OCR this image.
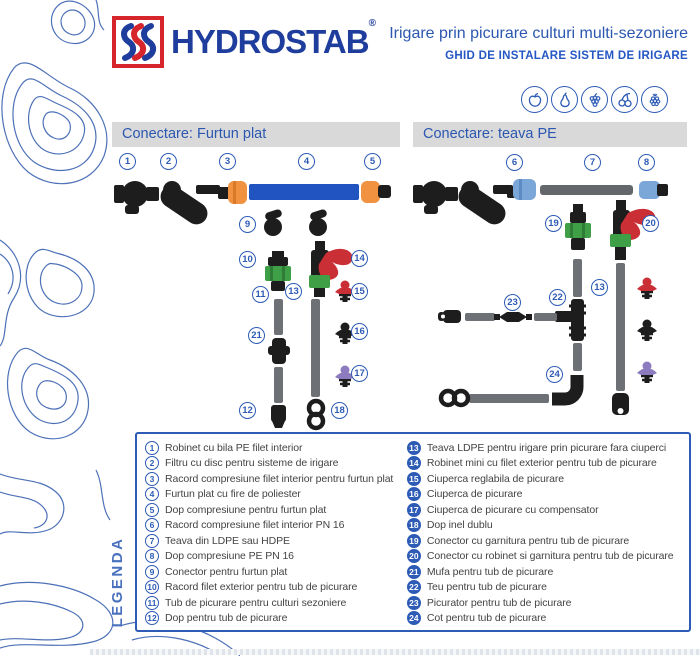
HYDROSTAB®
Irigare prin picurare culturi multi-sezoniere
GHID DE INSTALARE SISTEM DE IRIGARE
Conectare: Furtun plat
1	2	3	4	5
9
10
11	13
14
15
21	16
17
12	18
Conectare: teava PE
6	7	8
19	20
13
22
23
24
LEGENDA
1	Robinet cu bila PE filet interior
2	Filtru cu disc pentru sisteme de irigare
3	Racord compresiune filet interior pentru furtun plat
4	Furtun plat cu fire de poliester
5	Dop compresiune pentru furtun plat
6	Racord compresiune filet interior PN 16
7	Teava din LDPE sau HDPE
8	Dop compresiune PE PN 16
9	Conector pentru furtun plat
10 Racord filet exterior pentru tub de picurare
11 Tub de picurare pentru culturi sezoniere
12 Dop pentru tub de picurare
13 Teava LDPE pentru irigare prin picurare fara ciuperci
14 Robinet mini cu filet exterior pentru tub de picurare
15 Ciuperca reglabila de picurare
16 Ciuperca de picurare
17 Ciuperca de picurare cu compensator
18 Dop inel dublu
19 Conector cu garnitura pentru tub de picurare
20 Conector cu robinet si garnitura pentru tub de picurare
21 Mufa pentru tub de picurare
22 Teu pentru tub de picurare
23 Picurator pentru tub de picurare
24 Cot pentru tub de picurare
